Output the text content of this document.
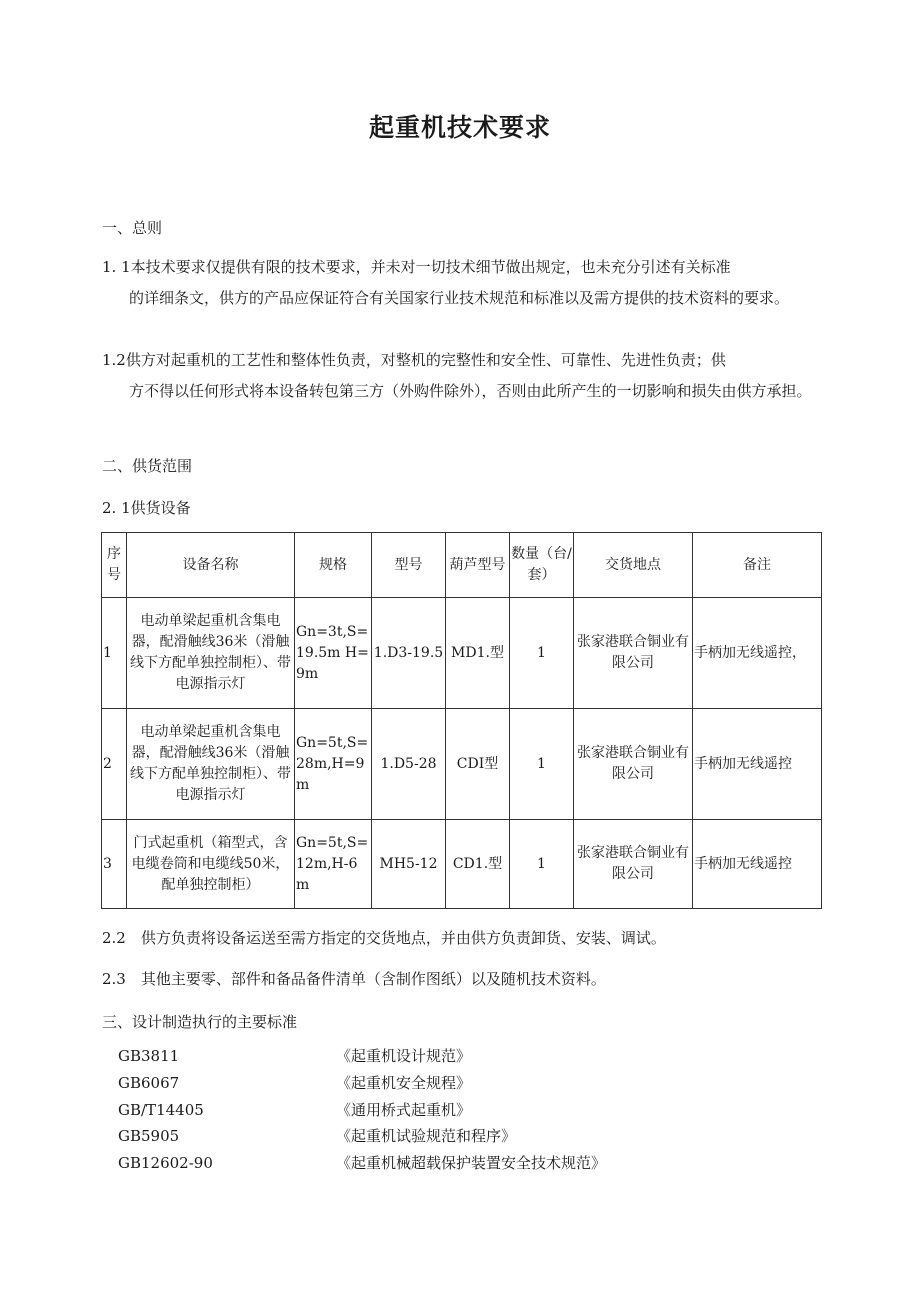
起重机技术要求
一、总则
1. 1本技术要求仅提供有限的技术要求，并未对一切技术细节做出规定，也未充分引述有关标准
的详细条文，供方的产品应保证符合有关国家行业技术规范和标准以及需方提供的技术资料的要求。
1.2供方对起重机的工艺性和整体性负责，对整机的完整性和安全性、可靠性、先进性负责；供
方不得以任何形式将本设备转包第三方（外购件除外），否则由此所产生的一切影响和损失由供方承担。
二、供货范围
2. 1供货设备
序号	设备名称	规格	型号	葫芦型号	数量（台/套）	交货地点	备注
1	电动单梁起重机含集电器，配滑触线36米（滑触线下方配单独控制柜）、带电源指示灯	Gn=3t,S=19.5m H=9m	1.D3-19.5	MD1.型	1	张家港联合铜业有限公司	手柄加无线遥控，
2	电动单梁起重机含集电器，配滑触线36米（滑触线下方配单独控制柜）、带电源指示灯	Gn=5t,S=28m,H=9m	1.D5-28	CDI型	1	张家港联合铜业有限公司	手柄加无线遥控
3	门式起重机（箱型式，含电缆卷筒和电缆线50米，配单独控制柜）	Gn=5t,S=12m,H-6m	MH5-12	CD1.型	1	张家港联合铜业有限公司	手柄加无线遥控
2.2　供方负责将设备运送至需方指定的交货地点，并由供方负责卸货、安装、调试。
2.3　其他主要零、部件和备品备件清单（含制作图纸）以及随机技术资料。
三、设计制造执行的主要标准
GB3811	《起重机设计规范》
GB6067	《起重机安全规程》
GB/T14405	《通用桥式起重机》
GB5905	《起重机试验规范和程序》
GB12602-90	《起重机械超载保护装置安全技术规范》
